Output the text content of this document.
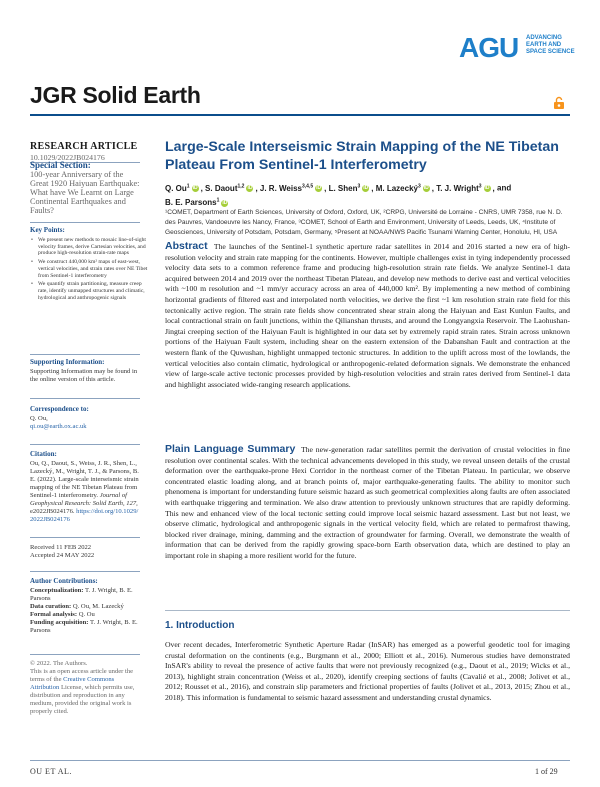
AGU ADVANCING
EARTH AND
SPACE SCIENCE
JGR Solid Earth
RESEARCH ARTICLE
10.1029/2022JB024176
Special Section:
100-year Anniversary of the Great 1920 Haiyuan Earthquake: What have We Learnt on Large Continental Earthquakes and Faults?
Key Points:
• We present new methods to mosaic line-of-sight velocity frames, derive Cartesian velocities, and produce high-resolution strain-rate maps
• We construct 440,000 km² maps of east-west, vertical velocities, and strain rates over NE Tibet from Sentinel-1 interferometry
• We quantify strain partitioning, measure creep rate, identify unmapped structures and climatic, hydrological and anthropogenic signals
Supporting Information:
Supporting Information may be found in the online version of this article.
Correspondence to:
Q. Ou,
qi.ou@earth.ox.ac.uk
Citation:
Ou, Q., Daout, S., Weiss, J. R., Shen, L., Lazecký, M., Wright, T. J., & Parsons, B. E. (2022). Large-scale interseismic strain mapping of the NE Tibetan Plateau from Sentinel-1 interferometry. Journal of Geophysical Research: Solid Earth, 127, e2022JB024176. https://doi.org/10.1029/2022JB024176
Received 11 FEB 2022
Accepted 24 MAY 2022
Author Contributions:
Conceptualization: T. J. Wright, B. E. Parsons
Data curation: Q. Ou, M. Lazecký
Formal analysis: Q. Ou
Funding acquisition: T. J. Wright, B. E. Parsons
© 2022. The Authors.
This is an open access article under the terms of the Creative Commons Attribution License, which permits use, distribution and reproduction in any medium, provided the original work is properly cited.
Large-Scale Interseismic Strain Mapping of the NE Tibetan Plateau From Sentinel-1 Interferometry
Q. Ou$^1$ iD , S. Daout$^{1,2}$ iD , J. R. Weiss$^{3,4,5}$ iD , L. Shen$^3$ iD , M. Lazecký$^3$ iD , T. J. Wright$^3$ iD , and
B. E. Parsons$^1$ iD
¹COMET, Department of Earth Sciences, University of Oxford, Oxford, UK, ²CRPG, Université de Lorraine - CNRS, UMR 7358, rue N. D. des Pauvres, Vandoeuvre les Nancy, France, ³COMET, School of Earth and Environment, University of Leeds, Leeds, UK, ⁴Institute of Geosciences, University of Potsdam, Potsdam, Germany, ⁵Present at NOAA/NWS Pacific Tsunami Warning Center, Honolulu, HI, USA
Abstract The launches of the Sentinel-1 synthetic aperture radar satellites in 2014 and 2016 started a new era of high-resolution velocity and strain rate mapping for the continents. However, multiple challenges exist in tying independently processed velocity data sets to a common reference frame and producing high-resolution strain rate fields. We analyze Sentinel-1 data acquired between 2014 and 2019 over the northeast Tibetan Plateau, and develop new methods to derive east and vertical velocities with ~100 m resolution and ~1 mm/yr accuracy across an area of 440,000 km². By implementing a new method of combining horizontal gradients of filtered east and interpolated north velocities, we derive the first ~1 km resolution strain rate field for this tectonically active region. The strain rate fields show concentrated shear strain along the Haiyuan and East Kunlun Faults, and local contractional strain on fault junctions, within the Qilianshan thrusts, and around the Longyangxia Reservoir. The Laohushan-Jingtai creeping section of the Haiyuan Fault is highlighted in our data set by extremely rapid strain rates. Strain across unknown portions of the Haiyuan Fault system, including shear on the eastern extension of the Dabanshan Fault and contraction at the western flank of the Quwushan, highlight unmapped tectonic structures. In addition to the uplift across most of the lowlands, the vertical velocities also contain climatic, hydrological or anthropogenic-related deformation signals. We demonstrate the enhanced view of large-scale active tectonic processes provided by high-resolution velocities and strain rates derived from Sentinel-1 data and highlight associated wide-ranging research applications.
Plain Language Summary The new-generation radar satellites permit the derivation of crustal velocities in fine resolution over continental scales. With the technical advancements developed in this study, we reveal unseen details of the crustal deformation over the earthquake-prone Hexi Corridor in the northeast corner of the Tibetan Plateau. In particular, we observe concentrated elastic loading along, and at branch points of, major earthquake-generating faults. The ability to monitor such phenomena is important for understanding future seismic hazard as such geometrical complexities along faults are often associated with earthquake triggering and termination. We also draw attention to previously unknown structures that are rapidly deforming. This new and enhanced view of the local tectonic setting could improve local seismic hazard assessment. Last but not least, we observe climatic, hydrological and anthropogenic signals in the vertical velocity field, which are related to permafrost thawing, blocked river drainage, mining, damming and the extraction of groundwater for farming. Overall, we demonstrate the wealth of information that can be derived from the rapidly growing space-born Earth observation data, which are destined to play an important role in shaping a more resilient world for the future.
1. Introduction
Over recent decades, Interferometric Synthetic Aperture Radar (InSAR) has emerged as a powerful geodetic tool for imaging crustal deformation on the continents (e.g., Burgmann et al., 2000; Elliott et al., 2016). Numerous studies have demonstrated InSAR's ability to reveal the presence of active faults that were not previously recognized (e.g., Daout et al., 2019; Wicks et al., 2013), highlight strain concentration (Weiss et al., 2020), identify creeping sections of faults (Cavalié et al., 2008; Jolivet et al., 2012; Rousset et al., 2016), and constrain slip parameters and frictional properties of faults (Jolivet et al., 2013, 2015; Zhou et al., 2018). This information is fundamental to seismic hazard assessment and understanding crustal dynamics.
OU ET AL.	1 of 29
